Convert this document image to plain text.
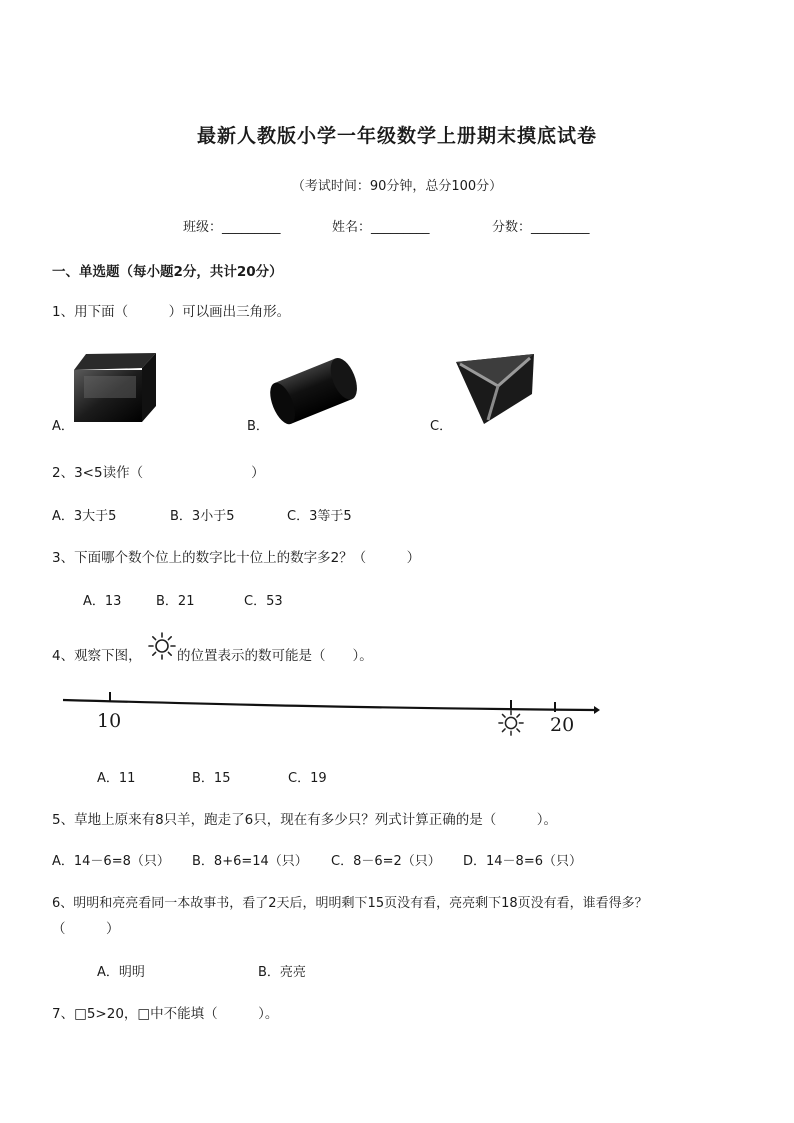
最新人教版小学一年级数学上册期末摸底试卷
（考试时间：90分钟，总分100分）
班级：_________	姓名：_________	分数：_________
一、单选题（每小题2分，共计20分）
1、用下面（　　　）可以画出三角形。
A．	B．	C．
2、3<5读作（　　　　　　　　）
A．3大于5	B．3小于5	C．3等于5
3、下面哪个数个位上的数字比十位上的数字多2？（　　　）
A．13	B．21	C．53
4、观察下图，	的位置表示的数可能是（　　）。
10	20
A．11	B．15	C．19
5、草地上原来有8只羊，跑走了6只，现在有多少只？列式计算正确的是（　　　）。
A．14－6=8（只） B．8+6=14（只） C．8－6=2（只） D．14－8=6（只）
6、明明和亮亮看同一本故事书，看了2天后，明明剩下15页没有看，亮亮剩下18页没有看，谁看得多？
（　　　）
A．明明	B．亮亮
7、□5>20，□中不能填（　　　）。
